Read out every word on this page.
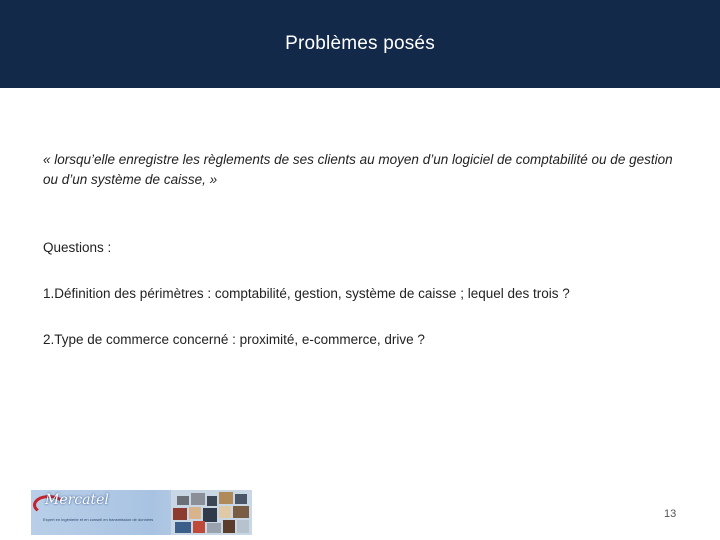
Problèmes posés
« lorsqu’elle enregistre les règlements de ses clients au moyen d’un logiciel de comptabilité ou de gestion ou d’un système de caisse, »
Questions :
1.Définition des périmètres : comptabilité, gestion, système de caisse ; lequel des trois ?
2.Type de commerce concerné : proximité, e-commerce, drive ?
Mercatel
Expert en ingénierie et en conseil en transmission de données	13
